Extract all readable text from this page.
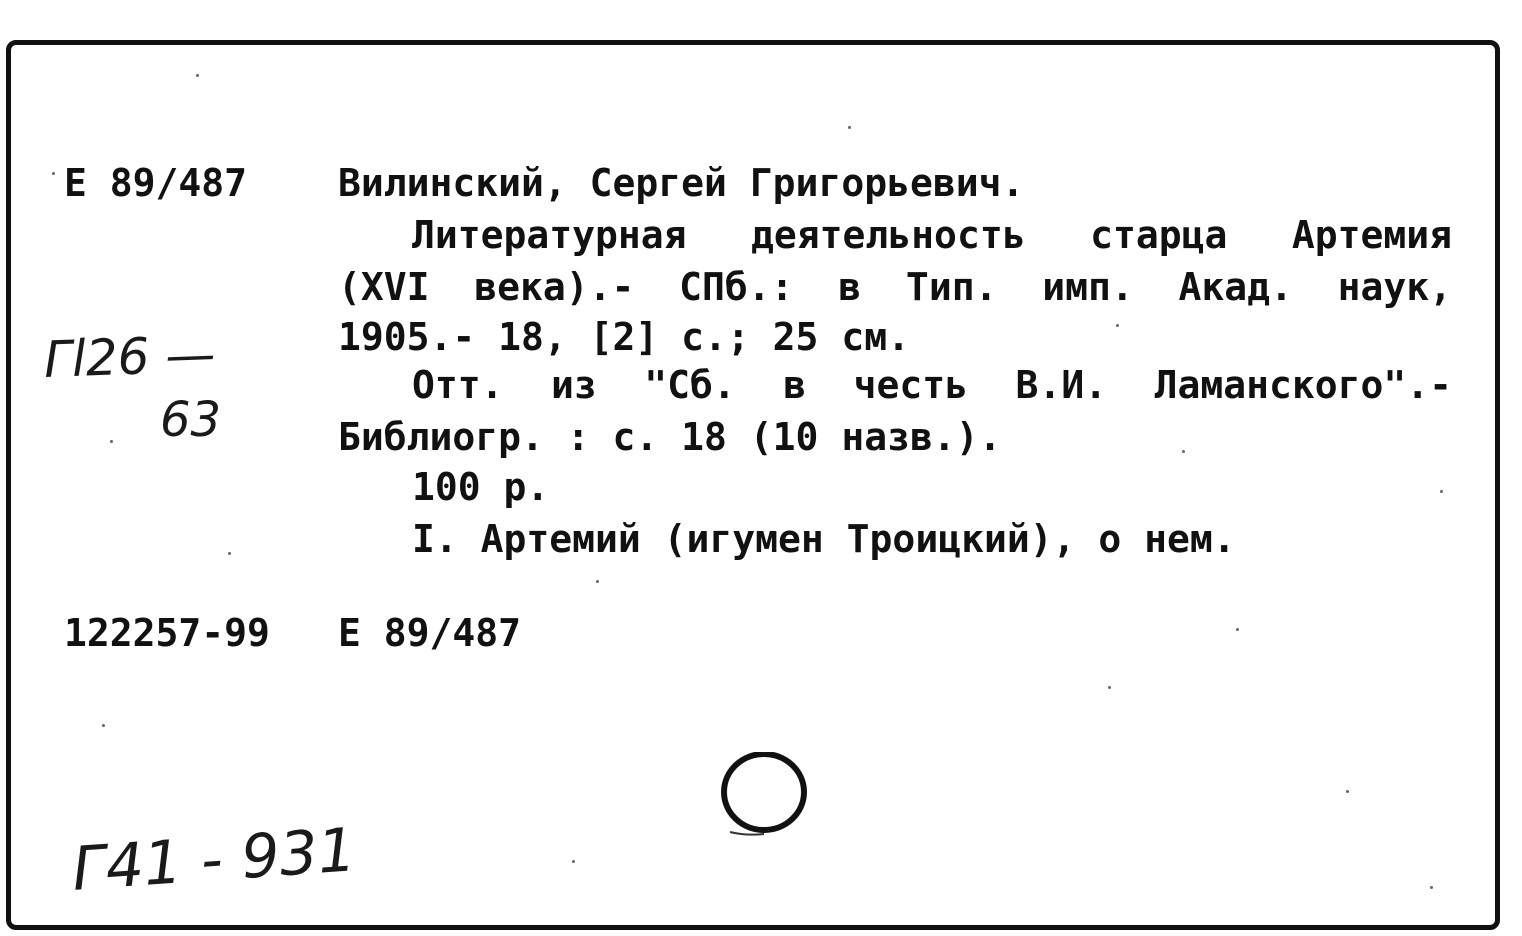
Е 89/487 Вилинский, Сергей Григорьевич.
Литературная деятельность старца Артемия
(XVI века).- СПб.: в Тип. имп. Акад. наук,
1905.- 18, [2] с.; 25 см.
Отт. из "Сб. в честь В.И. Ламанского".-
Библиогр. : с. 18 (10 назв.).
100 р.
I. Артемий (игумен Троицкий), о нем.
122257-99 Е 89/487
Гl26 —
63
Г41 - 931
